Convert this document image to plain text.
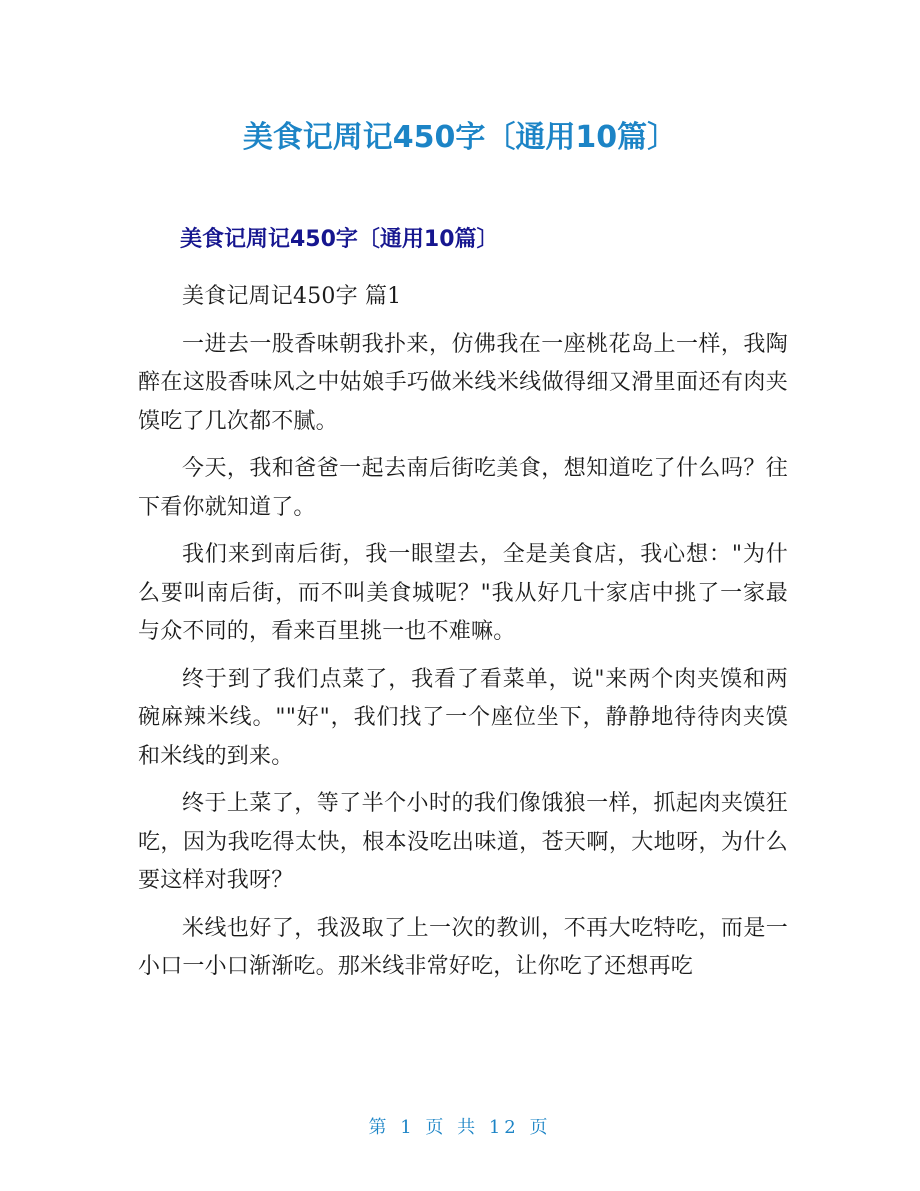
美食记周记450字〔通用10篇〕
美食记周记450字〔通用10篇〕

美食记周记450字 篇1

一进去一股香味朝我扑来，仿佛我在一座桃花岛上一样，我陶醉在这股香味风之中姑娘手巧做米线米线做得细又滑里面还有肉夹馍吃了几次都不腻。

今天，我和爸爸一起去南后街吃美食，想知道吃了什么吗？往下看你就知道了。

我们来到南后街，我一眼望去，全是美食店，我心想："为什么要叫南后街，而不叫美食城呢？"我从好几十家店中挑了一家最与众不同的，看来百里挑一也不难嘛。

终于到了我们点菜了，我看了看菜单，说"来两个肉夹馍和两碗麻辣米线。""好"，我们找了一个座位坐下，静静地待待肉夹馍和米线的到来。

终于上菜了，等了半个小时的我们像饿狼一样，抓起肉夹馍狂吃，因为我吃得太快，根本没吃出味道，苍天啊，大地呀，为什么要这样对我呀？

米线也好了，我汲取了上一次的教训，不再大吃特吃，而是一小口一小口渐渐吃。那米线非常好吃，让你吃了还想再吃

第 1 页 共 12 页
